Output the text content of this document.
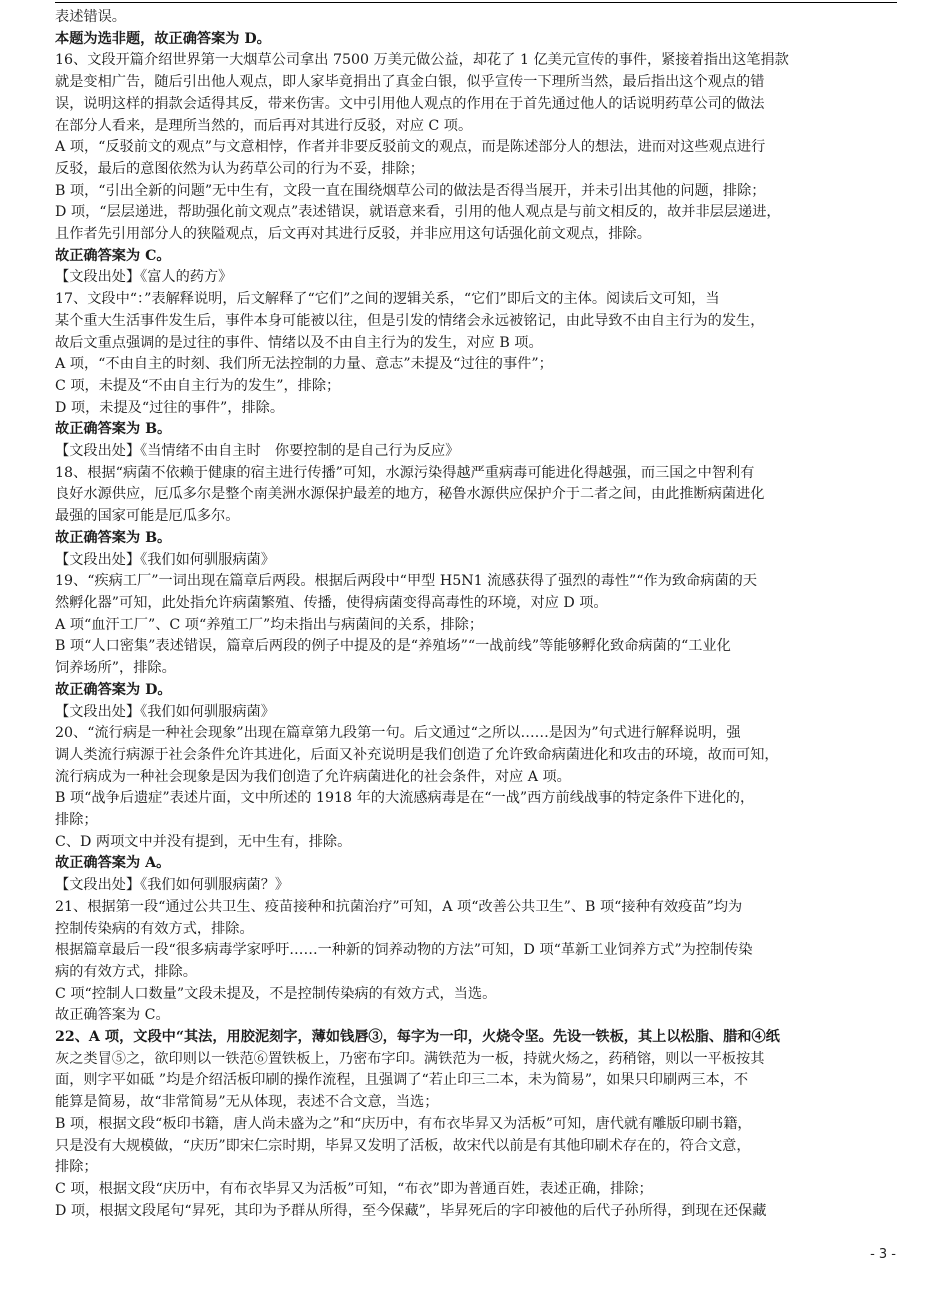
表述错误。
本题为选非题，故正确答案为 D。
16、文段开篇介绍世界第一大烟草公司拿出 7500 万美元做公益，却花了 1 亿美元宣传的事件，紧接着指出这笔捐款
就是变相广告，随后引出他人观点，即人家毕竟捐出了真金白银，似乎宣传一下理所当然，最后指出这个观点的错
误，说明这样的捐款会适得其反，带来伤害。文中引用他人观点的作用在于首先通过他人的话说明药草公司的做法
在部分人看来，是理所当然的，而后再对其进行反驳，对应 C 项。
A 项，“反驳前文的观点”与文意相悖，作者并非要反驳前文的观点，而是陈述部分人的想法，进而对这些观点进行
反驳，最后的意图依然为认为药草公司的行为不妥，排除；
B 项，“引出全新的问题”无中生有，文段一直在围绕烟草公司的做法是否得当展开，并未引出其他的问题，排除；
D 项，“层层递进，帮助强化前文观点”表述错误，就语意来看，引用的他人观点是与前文相反的，故并非层层递进，
且作者先引用部分人的狭隘观点，后文再对其进行反驳，并非应用这句话强化前文观点，排除。
故正确答案为 C。
【文段出处】《富人的药方》
17、文段中“：”表解释说明，后文解释了“它们”之间的逻辑关系，“它们”即后文的主体。阅读后文可知，当
某个重大生活事件发生后，事件本身可能被以往，但是引发的情绪会永远被铭记，由此导致不由自主行为的发生，
故后文重点强调的是过往的事件、情绪以及不由自主行为的发生，对应 B 项。
A 项，“不由自主的时刻、我们所无法控制的力量、意志”未提及“过往的事件”；
C 项，未提及“不由自主行为的发生”，排除；
D 项，未提及“过往的事件”，排除。
故正确答案为 B。
【文段出处】《当情绪不由自主时　你要控制的是自己行为反应》
18、根据“病菌不依赖于健康的宿主进行传播”可知，水源污染得越严重病毒可能进化得越强，而三国之中智利有
良好水源供应，厄瓜多尔是整个南美洲水源保护最差的地方，秘鲁水源供应保护介于二者之间，由此推断病菌进化
最强的国家可能是厄瓜多尔。
故正确答案为 B。
【文段出处】《我们如何驯服病菌》
19、“疾病工厂”一词出现在篇章后两段。根据后两段中“甲型 H5N1 流感获得了强烈的毒性”“作为致命病菌的天
然孵化器”可知，此处指允许病菌繁殖、传播，使得病菌变得高毒性的环境，对应 D 项。
A 项“血汗工厂”、C 项“养殖工厂”均未指出与病菌间的关系，排除；
B 项“人口密集”表述错误，篇章后两段的例子中提及的是“养殖场”“一战前线”等能够孵化致命病菌的“工业化
饲养场所”，排除。
故正确答案为 D。
【文段出处】《我们如何驯服病菌》
20、“流行病是一种社会现象”出现在篇章第九段第一句。后文通过“之所以……是因为”句式进行解释说明，强
调人类流行病源于社会条件允许其进化，后面又补充说明是我们创造了允许致命病菌进化和攻击的环境，故而可知，
流行病成为一种社会现象是因为我们创造了允许病菌进化的社会条件，对应 A 项。
B 项“战争后遗症”表述片面，文中所述的 1918 年的大流感病毒是在“一战”西方前线战事的特定条件下进化的，
排除；
C、D 两项文中并没有提到，无中生有，排除。
故正确答案为 A。
【文段出处】《我们如何驯服病菌？》
21、根据第一段“通过公共卫生、疫苗接种和抗菌治疗”可知，A 项“改善公共卫生”、B 项“接种有效疫苗”均为
控制传染病的有效方式，排除。
根据篇章最后一段“很多病毒学家呼吁……一种新的饲养动物的方法”可知，D 项“革新工业饲养方式”为控制传染
病的有效方式，排除。
C 项“控制人口数量”文段未提及，不是控制传染病的有效方式，当选。
故正确答案为 C。
22、A 项，文段中“其法，用胶泥刻字，薄如钱唇③，每字为一印，火烧令坚。先设一铁板，其上以松脂、腊和④纸
灰之类冒⑤之，欲印则以一铁范⑥置铁板上，乃密布字印。满铁范为一板，持就火炀之，药稍镕，则以一平板按其
面，则字平如砥 ”均是介绍活板印刷的操作流程，且强调了“若止印三二本，未为简易”，如果只印刷两三本，不
能算是简易，故“非常简易”无从体现，表述不合文意，当选；
B 项，根据文段“板印书籍，唐人尚未盛为之”和“庆历中，有布衣毕昇又为活板”可知，唐代就有雕版印刷书籍，
只是没有大规模做，“庆历”即宋仁宗时期，毕昇又发明了活板，故宋代以前是有其他印刷术存在的，符合文意，
排除；
C 项，根据文段“庆历中，有布衣毕昇又为活板”可知，“布衣”即为普通百姓，表述正确，排除；
D 项，根据文段尾句“昇死，其印为予群从所得，至今保藏”，毕昇死后的字印被他的后代子孙所得，到现在还保藏
- 3 -
